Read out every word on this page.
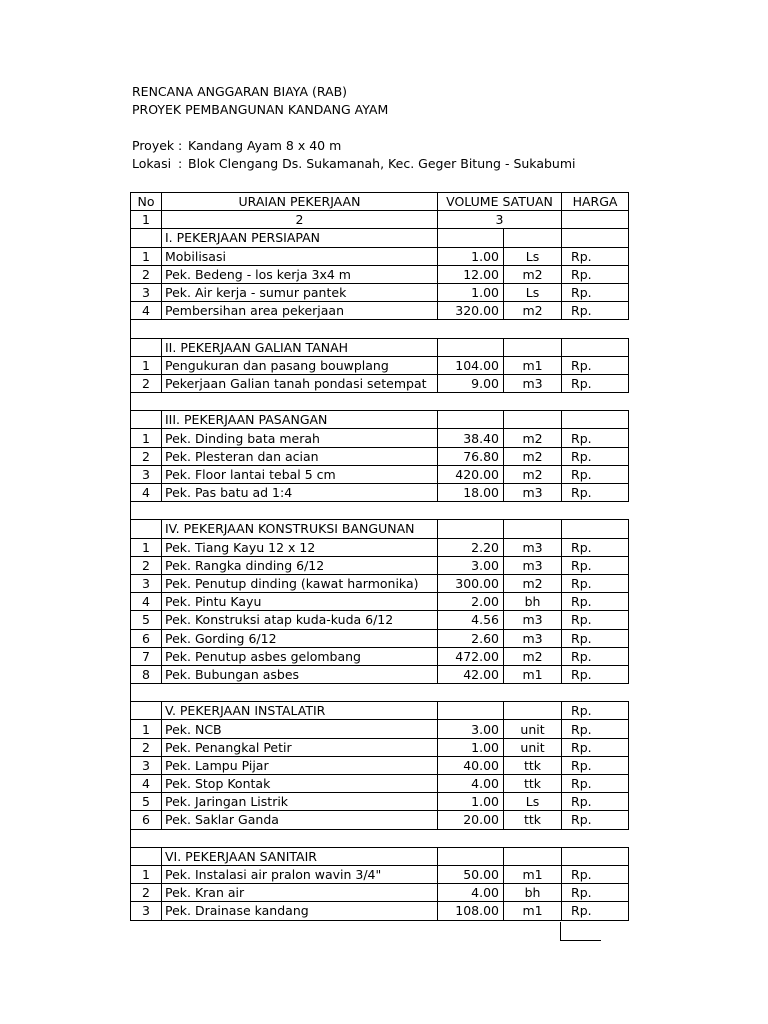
RENCANA ANGGARAN BIAYA (RAB)
PROYEK PEMBANGUNAN KANDANG AYAM
Proyek : Kandang Ayam 8 x 40 m
Lokasi : Blok Clengang Ds. Sukamanah, Kec. Geger Bitung - Sukabumi
No	URAIAN PEKERJAAN	VOLUME SATUAN		HARGA
1	2	3		
	I. PEKERJAAN PERSIAPAN			
1	Mobilisasi	1.00	Ls	Rp.
2	Pek. Bedeng - los kerja 3x4 m	12.00	m2	Rp.
3	Pek. Air kerja - sumur pantek	1.00	Ls	Rp.
4	Pembersihan area pekerjaan	320.00	m2	Rp.

	II. PEKERJAAN GALIAN TANAH			
1	Pengukuran dan pasang bouwplang	104.00	m1	Rp.
2	Pekerjaan Galian tanah pondasi setempat	9.00	m3	Rp.

	III. PEKERJAAN PASANGAN			
1	Pek. Dinding bata merah	38.40	m2	Rp.
2	Pek. Plesteran dan acian	76.80	m2	Rp.
3	Pek. Floor lantai tebal 5 cm	420.00	m2	Rp.
4	Pek. Pas batu ad 1:4	18.00	m3	Rp.

	IV. PEKERJAAN KONSTRUKSI BANGUNAN			
1	Pek. Tiang Kayu 12 x 12	2.20	m3	Rp.
2	Pek. Rangka dinding 6/12	3.00	m3	Rp.
3	Pek. Penutup dinding (kawat harmonika)	300.00	m2	Rp.
4	Pek. Pintu Kayu	2.00	bh	Rp.
5	Pek. Konstruksi atap kuda-kuda 6/12	4.56	m3	Rp.
6	Pek. Gording 6/12	2.60	m3	Rp.
7	Pek. Penutup asbes gelombang	472.00	m2	Rp.
8	Pek. Bubungan asbes	42.00	m1	Rp.

	V. PEKERJAAN INSTALATIR			Rp.
1	Pek. NCB	3.00	unit	Rp.
2	Pek. Penangkal Petir	1.00	unit	Rp.
3	Pek. Lampu Pijar	40.00	ttk	Rp.
4	Pek. Stop Kontak	4.00	ttk	Rp.
5	Pek. Jaringan Listrik	1.00	Ls	Rp.
6	Pek. Saklar Ganda	20.00	ttk	Rp.

	VI. PEKERJAAN SANITAIR			
1	Pek. Instalasi air pralon wavin 3/4"	50.00	m1	Rp.
2	Pek. Kran air	4.00	bh	Rp.
3	Pek. Drainase kandang	108.00	m1	Rp.
